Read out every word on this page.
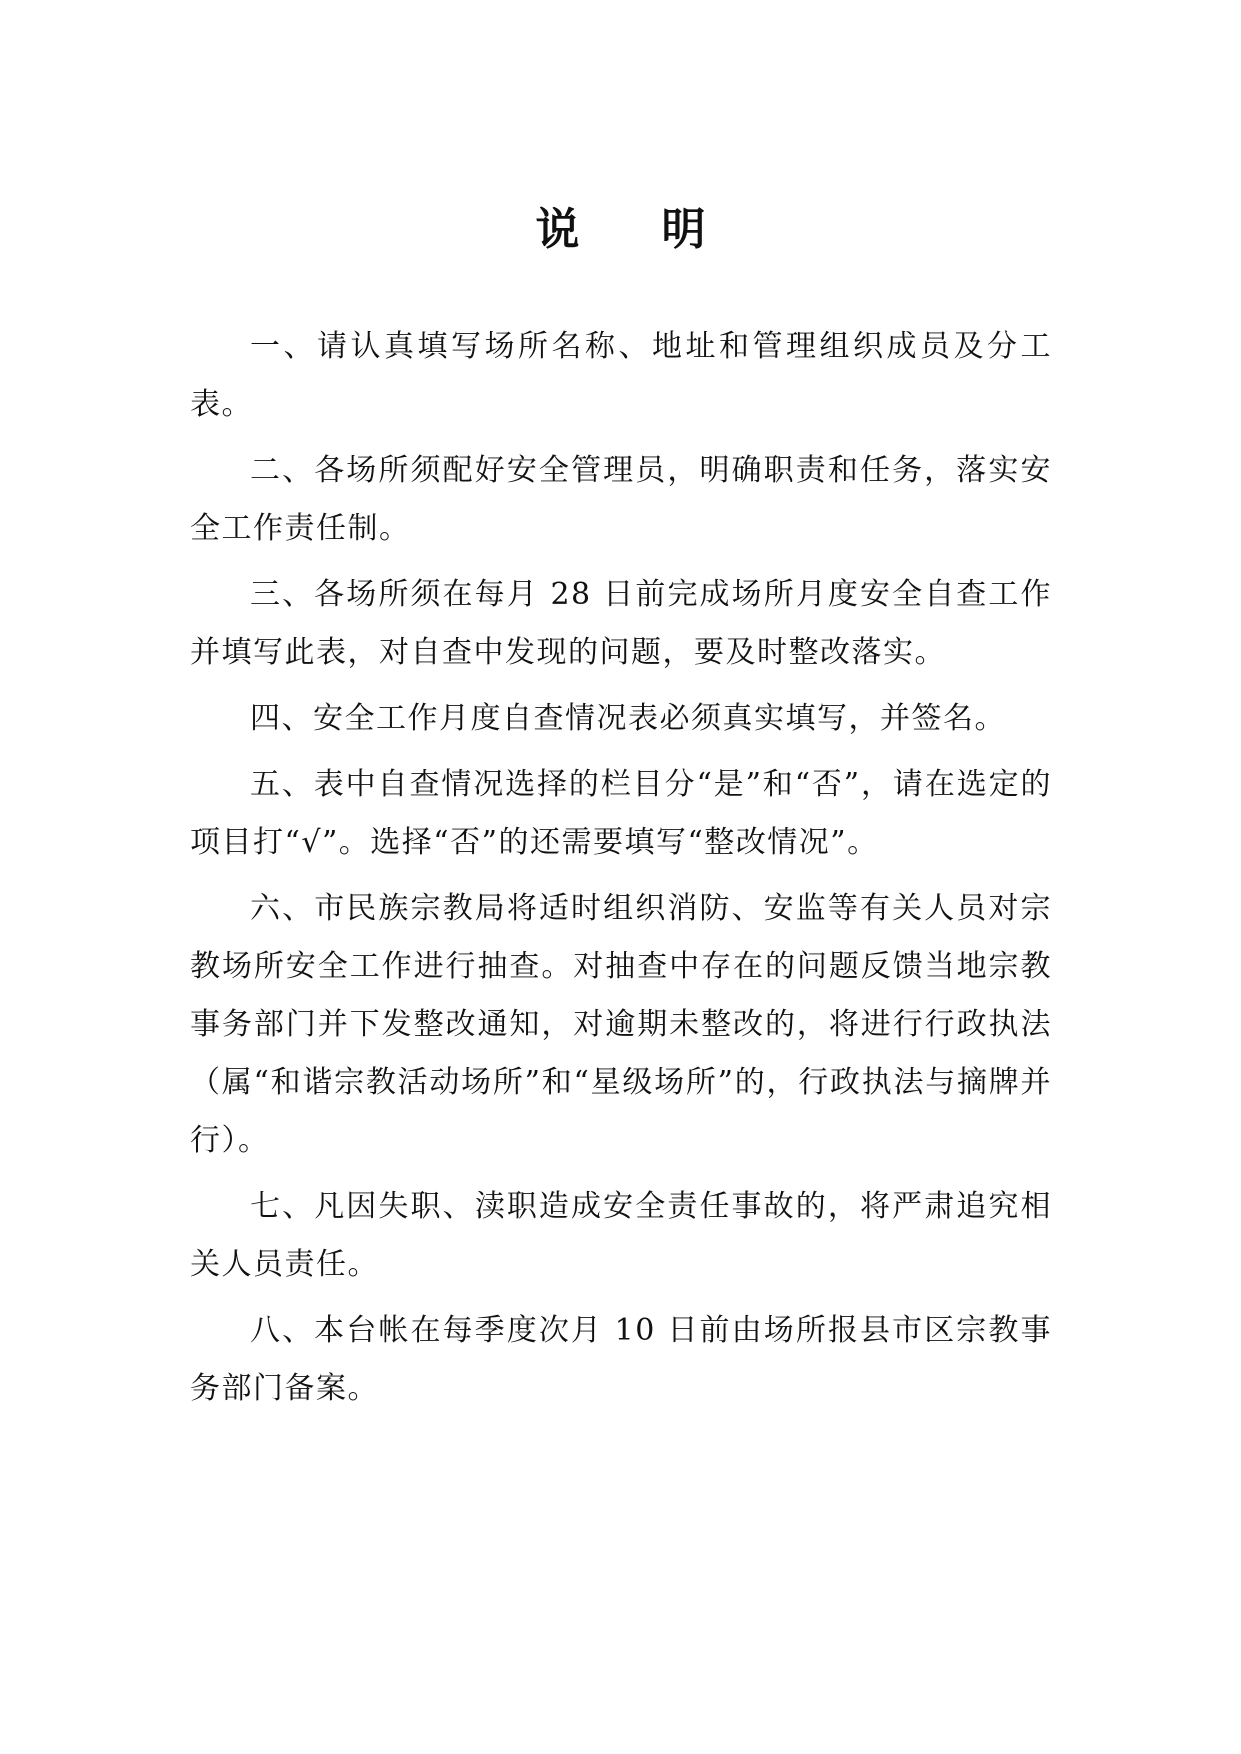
说明

一、请认真填写场所名称、地址和管理组织成员及分工表。

二、各场所须配好安全管理员，明确职责和任务，落实安全工作责任制。

三、各场所须在每月 28 日前完成场所月度安全自查工作并填写此表，对自查中发现的问题，要及时整改落实。

四、安全工作月度自查情况表必须真实填写，并签名。

五、表中自查情况选择的栏目分“是”和“否”，请在选定的项目打“√”。选择“否”的还需要填写“整改情况”。

六、市民族宗教局将适时组织消防、安监等有关人员对宗教场所安全工作进行抽查。对抽查中存在的问题反馈当地宗教事务部门并下发整改通知，对逾期未整改的，将进行行政执法（属“和谐宗教活动场所”和“星级场所”的，行政执法与摘牌并行）。

七、凡因失职、渎职造成安全责任事故的，将严肃追究相关人员责任。

八、本台帐在每季度次月 10 日前由场所报县市区宗教事务部门备案。
